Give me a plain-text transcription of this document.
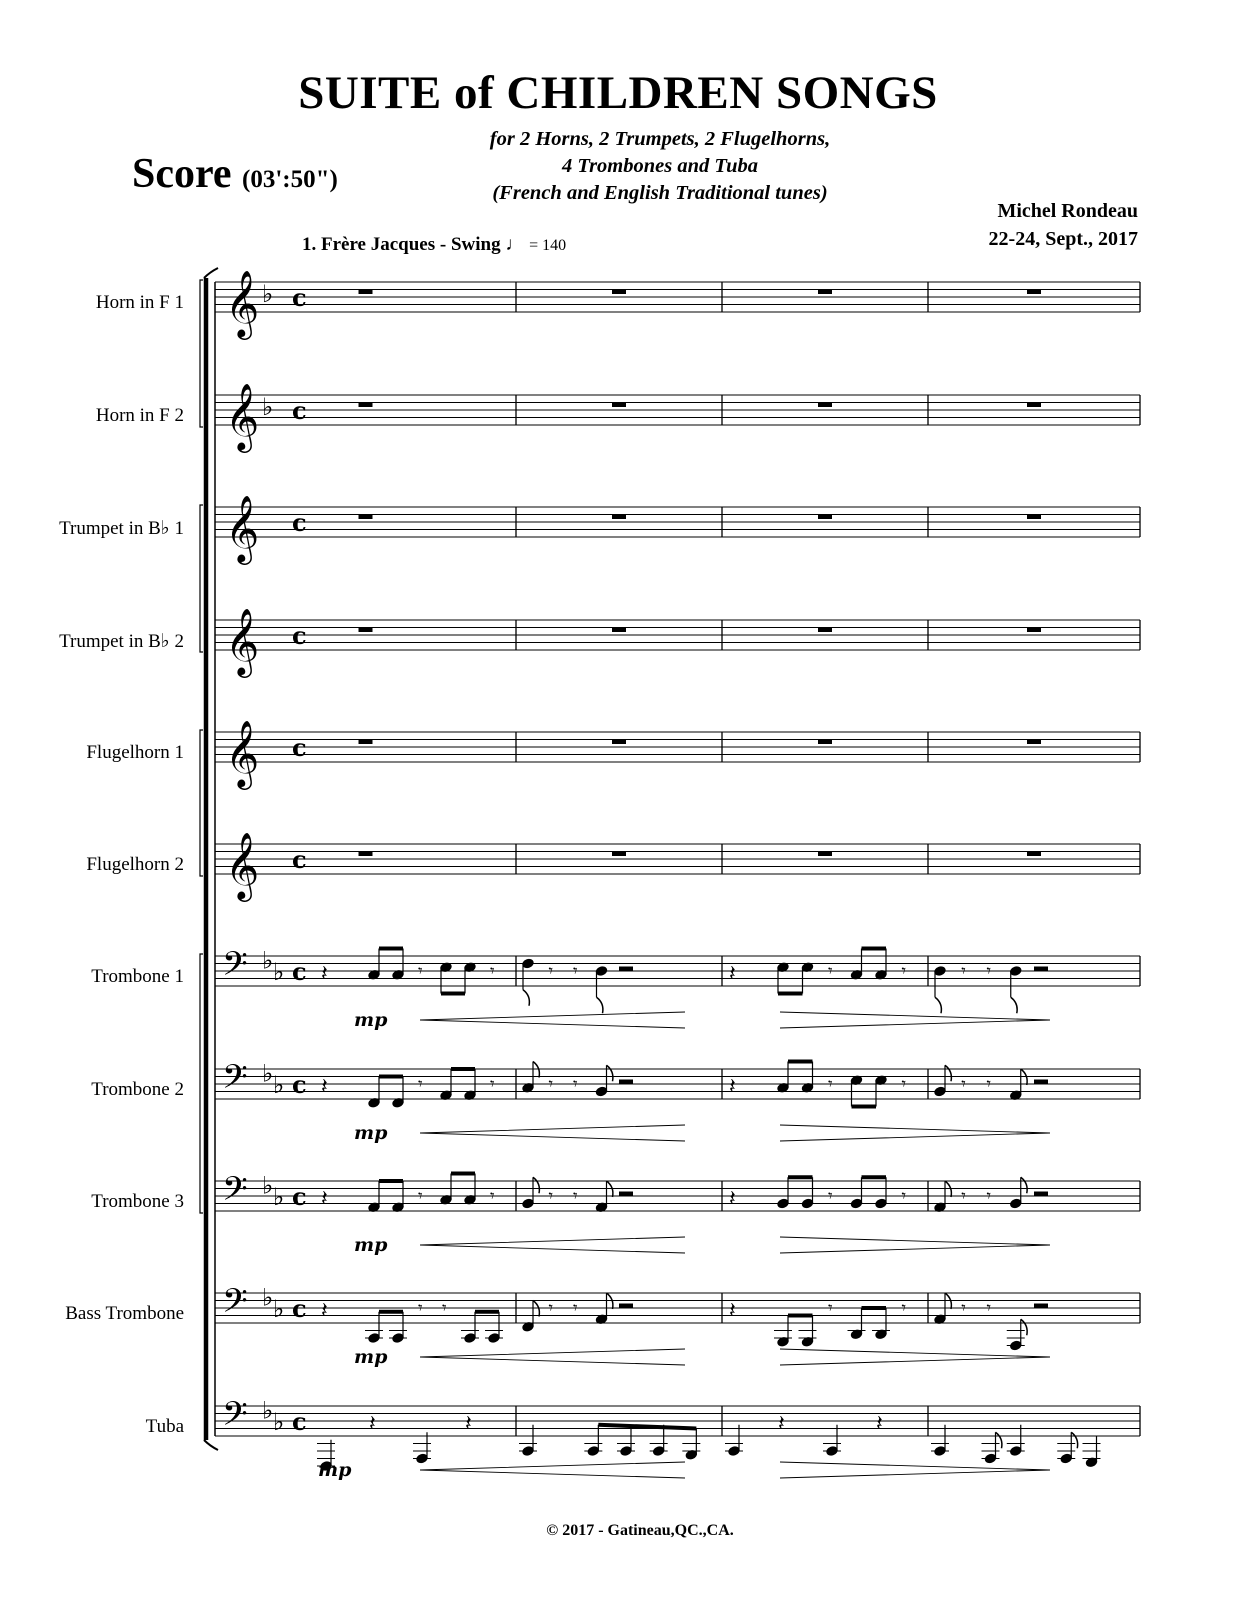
SUITE of CHILDREN SONGS
for 2 Horns, 2 Trumpets, 2 Flugelhorns,
4 Trombones and Tuba
(French and English Traditional tunes)
Score (03':50")
Michel Rondeau
22-24, Sept., 2017
1. Frère Jacques - Swing ♩ = 140
Horn in F 1
Horn in F 2
Trumpet in B♭ 1
Trumpet in B♭ 2
Flugelhorn 1
Flugelhorn 2
Trombone 1
Trombone 2
Trombone 3
Bass Trombone
Tuba
𝄞 ♭ c
𝄞 ♭ c
𝄞 c
𝄞 c
𝄞 c
𝄞 c
𝄢 ♭ ♭ c 𝄽	𝄾	𝄾	𝄾 𝄾	𝄽	𝄾	𝄾	𝄾 𝄾
mp
𝄢 ♭ ♭ c 𝄽	𝄾	𝄾	𝄾 𝄾	𝄽	𝄾	𝄾	𝄾 𝄾
mp
𝄢 ♭ ♭ c 𝄽	𝄾	𝄾	𝄾 𝄾	𝄽	𝄾	𝄾	𝄾 𝄾
mp
𝄢 ♭ ♭ c 𝄽	𝄾 𝄾	𝄾 𝄾	𝄽	𝄾	𝄾	𝄾 𝄾
mp
𝄢 ♭ ♭ c	𝄽	𝄽	𝄽	𝄽
mp
© 2017 - Gatineau,QC.,CA.
